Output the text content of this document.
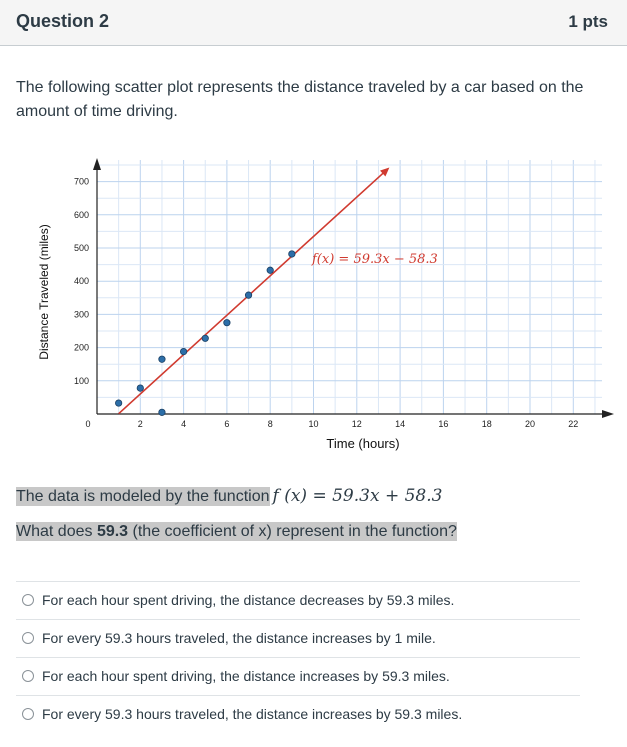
Question 2	1 pts
The following scatter plot represents the distance traveled by a car based on the amount of time driving.
0	2	4	6	8	10	12	14	16	18	20	22
100
200
300
400
500
600
700
f(x) = 59.3x − 58.3
Time (hours)
Distance Traveled (miles)
The data is modeled by the function f (x) = 59.3x + 58.3
What does 59.3 (the coefficient of x) represent in the function?
For each hour spent driving, the distance decreases by 59.3 miles.
For every 59.3 hours traveled, the distance increases by 1 mile.
For each hour spent driving, the distance increases by 59.3 miles.
For every 59.3 hours traveled, the distance increases by 59.3 miles.
